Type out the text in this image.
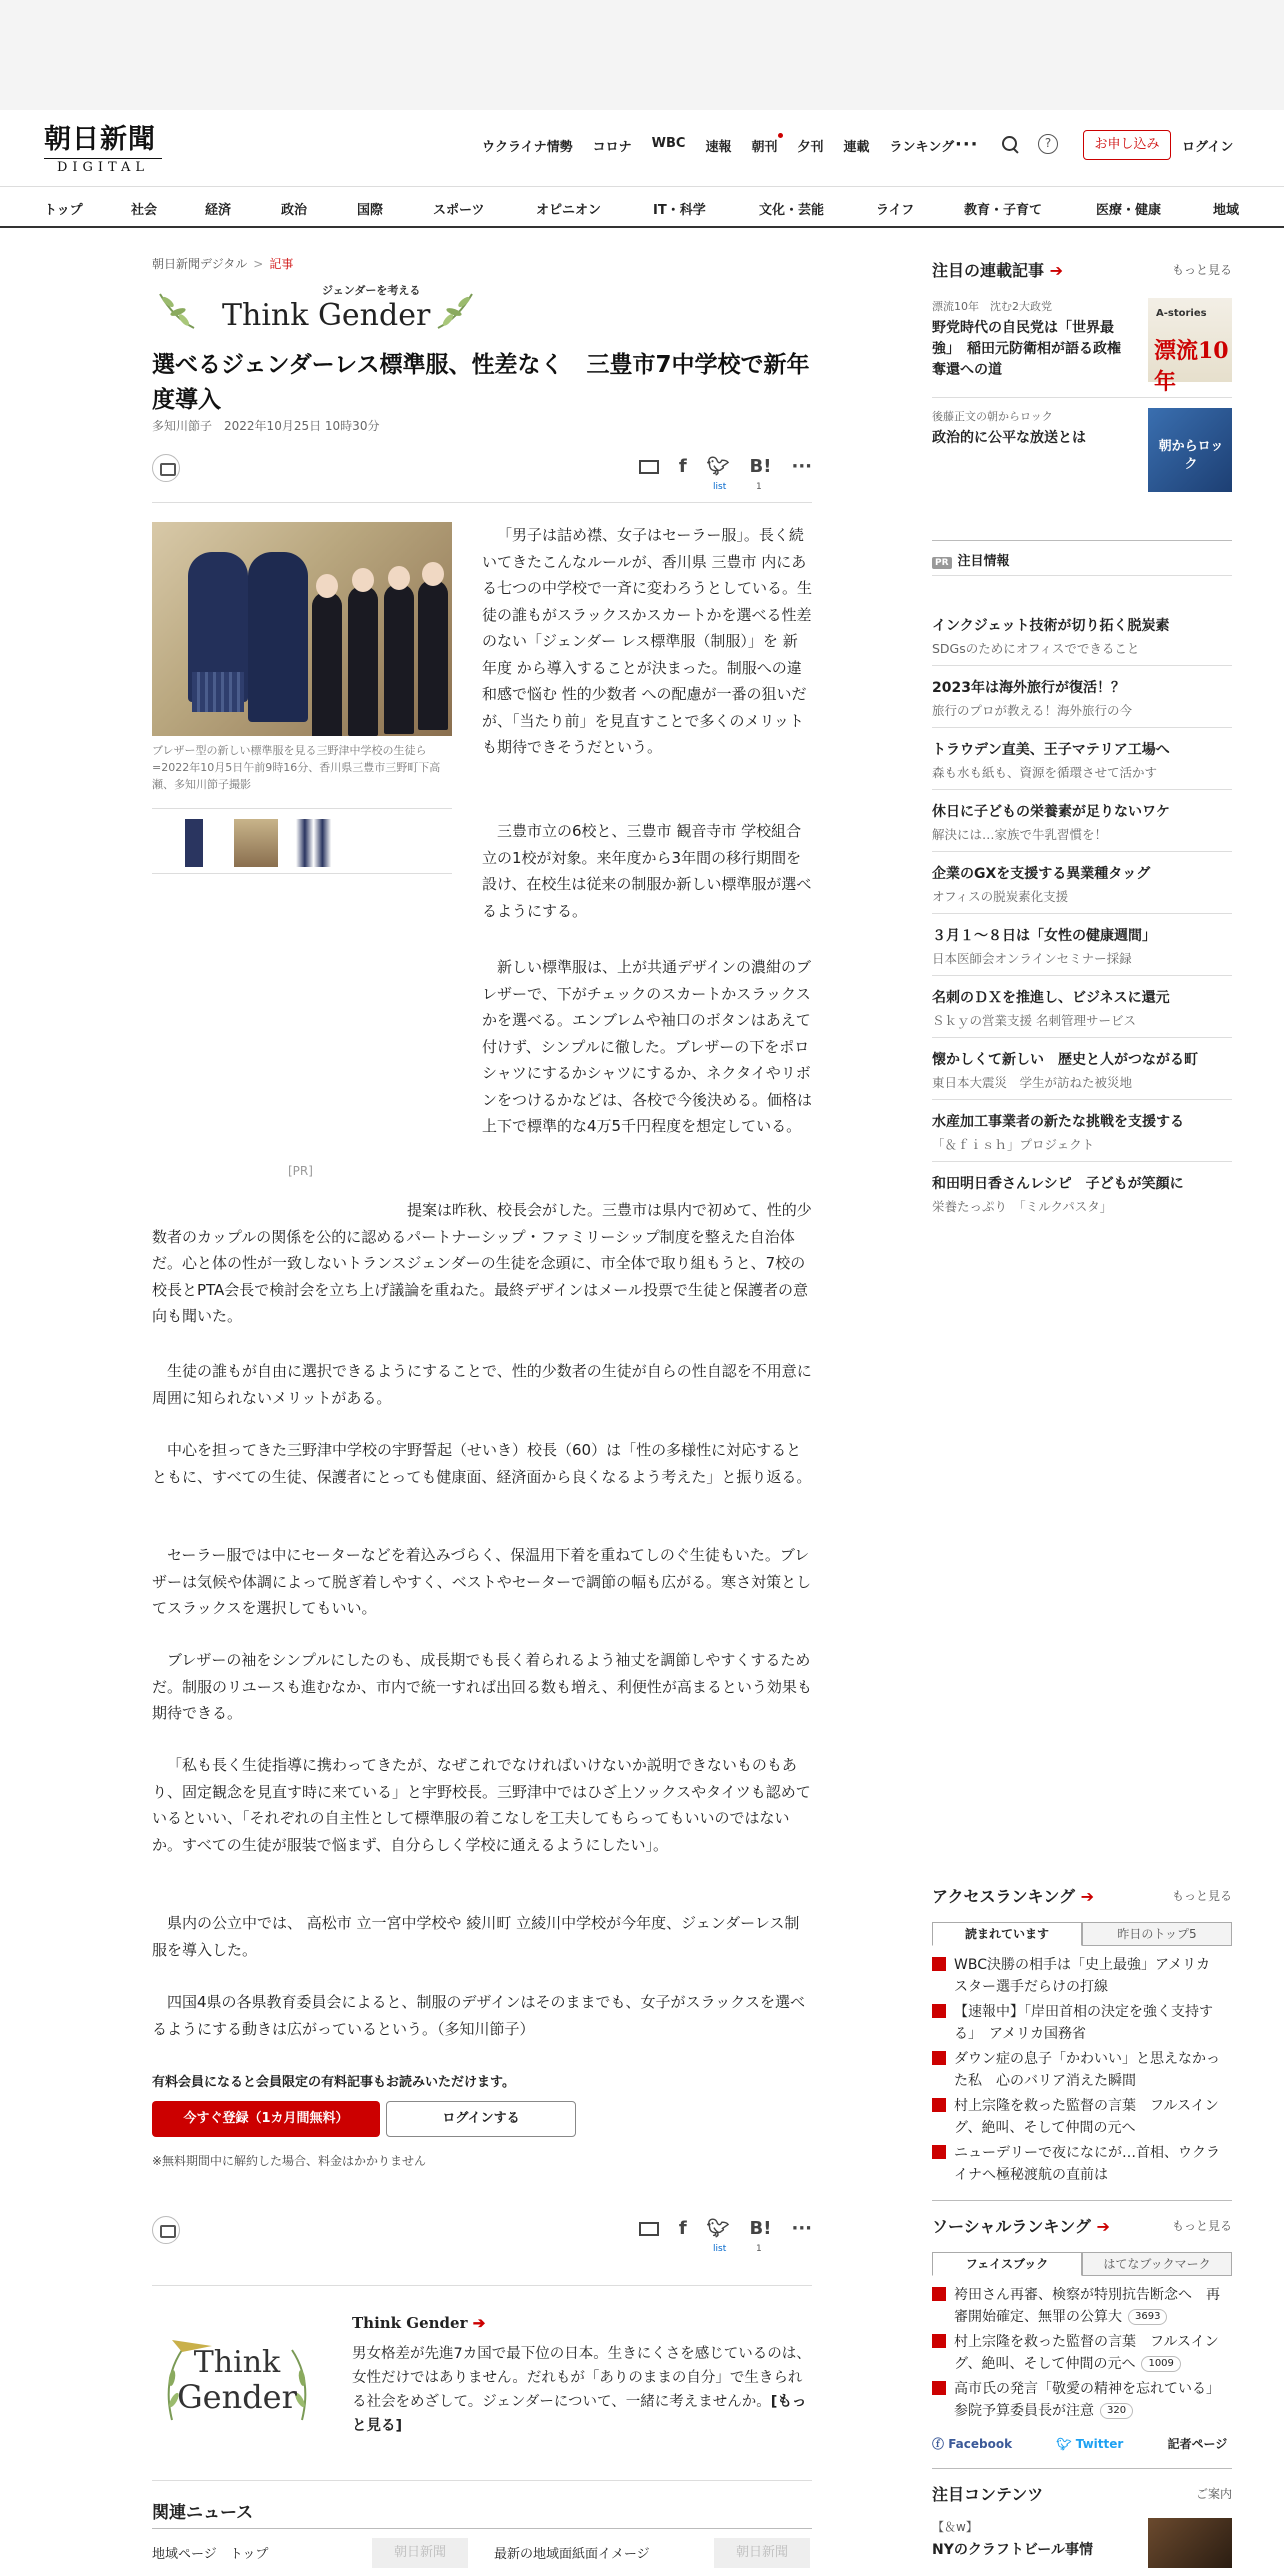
朝日新聞
DIGITAL
ウクライナ情勢 コロナ WBC 速報 朝刊 夕刊 連載 ランキング ···	?	お申し込み	ログイン
トップ	社会	経済	政治	国際	スポーツ	オピニオン	IT・科学	文化・芸能	ライフ	教育・子育て	医療・健康	地域
朝日新聞デジタル > 記事
ジェンダーを考える
Think Gender
選べるジェンダーレス標準服、性差なく　三豊市7中学校で新年度導入
多知川節子 2022年10月25日 10時30分
f 🐦︎ B! ···
list	1

ブレザー型の新しい標準服を見る三野津中学校の生徒ら=2022年10月5日午前9時16分、香川県三豊市三野町下高瀬、多知川節子撮影

[PR]

「男子は詰め襟、女子はセーラー服」。長く続いてきたこんなルールが、香川県 三豊市 内にある七つの中学校で一斉に変わろうとしている。生徒の誰もがスラックスかスカートかを選べる性差のない「ジェンダー レス標準服（制服）」を 新年度 から導入することが決まった。制服への違和感で悩む 性的少数者 への配慮が一番の狙いだが、「当たり前」を見直すことで多くのメリットも期待できそうだという。

三豊市立の6校と、三豊市 観音寺市 学校組合立の1校が対象。来年度から3年間の移行期間を設け、在校生は従来の制服か新しい標準服が選べるようにする。

新しい標準服は、上が共通デザインの濃紺のブレザーで、下がチェックのスカートかスラックスかを選べる。エンブレムや袖口のボタンはあえて付けず、シンプルに徹した。ブレザーの下をポロシャツにするかシャツにするか、ネクタイやリボンをつけるかなどは、各校で今後決める。価格は上下で標準的な4万5千円程度を想定している。

提案は昨秋、校長会がした。三豊市は県内で初めて、性的少数者のカップルの関係を公的に認めるパートナーシップ・ファミリーシップ制度を整えた自治体だ。心と体の性が一致しないトランスジェンダーの生徒を念頭に、市全体で取り組もうと、7校の校長とPTA会長で検討会を立ち上げ議論を重ねた。最終デザインはメール投票で生徒と保護者の意向も聞いた。

生徒の誰もが自由に選択できるようにすることで、性的少数者の生徒が自らの性自認を不用意に周囲に知られないメリットがある。

中心を担ってきた三野津中学校の宇野誓起（せいき）校長（60）は「性の多様性に対応するとともに、すべての生徒、保護者にとっても健康面、経済面から良くなるよう考えた」と振り返る。

セーラー服では中にセーターなどを着込みづらく、保温用下着を重ねてしのぐ生徒もいた。ブレザーは気候や体調によって脱ぎ着しやすく、ベストやセーターで調節の幅も広がる。寒さ対策としてスラックスを選択してもいい。

ブレザーの袖をシンプルにしたのも、成長期でも長く着られるよう袖丈を調節しやすくするためだ。制服のリユースも進むなか、市内で統一すれば出回る数も増え、利便性が高まるという効果も期待できる。

「私も長く生徒指導に携わってきたが、なぜこれでなければいけないか説明できないものもあり、固定観念を見直す時に来ている」と宇野校長。三野津中ではひざ上ソックスやタイツも認めているといい、「それぞれの自主性として標準服の着こなしを工夫してもらってもいいのではないか。すべての生徒が服装で悩まず、自分らしく学校に通えるようにしたい」。

県内の公立中では、 高松市 立一宮中学校や 綾川町 立綾川中学校が今年度、ジェンダーレス制服を導入した。

四国4県の各県教育委員会によると、制服のデザインはそのままでも、女子がスラックスを選べるようにする動きは広がっているという。（多知川節子）

有料会員になると会員限定の有料記事もお読みいただけます。

今すぐ登録（1カ月間無料）	ログインする

※無料期間中に解約した場合、料金はかかりません

f 🐦︎ B! ···
list	1
Think
Gender
Think Gender ➔

男女格差が先進7カ国で最下位の日本。生きにくさを感じているのは、女性だけではありません。だれもが「ありのままの自分」で生きられる社会をめざして。ジェンダーについて、一緒に考えませんか。[もっと見る]

関連ニュース
地域ページ　トップ	朝日新聞	最新の地域面紙面イメージ	朝日新聞
注目の連載記事 ➔	もっと見る
漂流10年　沈む2大政党
野党時代の自民党は「世界最強」　稲田元防衛相が語る政権奪還への道
A-stories
漂流10年
後藤正文の朝からロック
政治的に公平な放送とは
朝からロック
PR 注目情報
インクジェット技術が切り拓く脱炭素
SDGsのためにオフィスでできること
2023年は海外旅行が復活！？
旅行のプロが教える！海外旅行の今
トラウデン直美、王子マテリア工場へ
森も水も紙も、資源を循環させて活かす
休日に子どもの栄養素が足りないワケ
解決には…家族で牛乳習慣を！
企業のGXを支援する異業種タッグ
オフィスの脱炭素化支援
３月１～８日は「女性の健康週間」
日本医師会オンラインセミナー採録
名刺のＤＸを推進し、ビジネスに還元
Ｓｋｙの営業支援 名刺管理サービス
懐かしくて新しい　歴史と人がつながる町
東日本大震災　学生が訪ねた被災地
水産加工事業者の新たな挑戦を支援する
「＆ｆｉｓｈ」プロジェクト
和田明日香さんレシピ　子どもが笑顔に
栄養たっぷり　「ミルクパスタ」
アクセスランキング ➔	もっと見る
読まれています	昨日のトップ5
WBC決勝の相手は「史上最強」アメリカ　スター選手だらけの打線
【速報中】「岸田首相の決定を強く支持する」　アメリカ国務省
ダウン症の息子「かわいい」と思えなかった私　心のバリア消えた瞬間
村上宗隆を救った監督の言葉　フルスイング、絶叫、そして仲間の元へ
ニューデリーで夜になにが…首相、ウクライナへ極秘渡航の直前は
ソーシャルランキング ➔	もっと見る
フェイスブック	はてなブックマーク
袴田さん再審、検察が特別抗告断念へ　再審開始確定、無罪の公算大 3693
村上宗隆を救った監督の言葉　フルスイング、絶叫、そして仲間の元へ 1009
高市氏の発言「敬愛の精神を忘れている」　参院予算委員長が注意 320
ⓕ Facebook	🐦︎ Twitter	記者ページ
注目コンテンツ	ご案内
【＆w】
NYのクラフトビール事情
